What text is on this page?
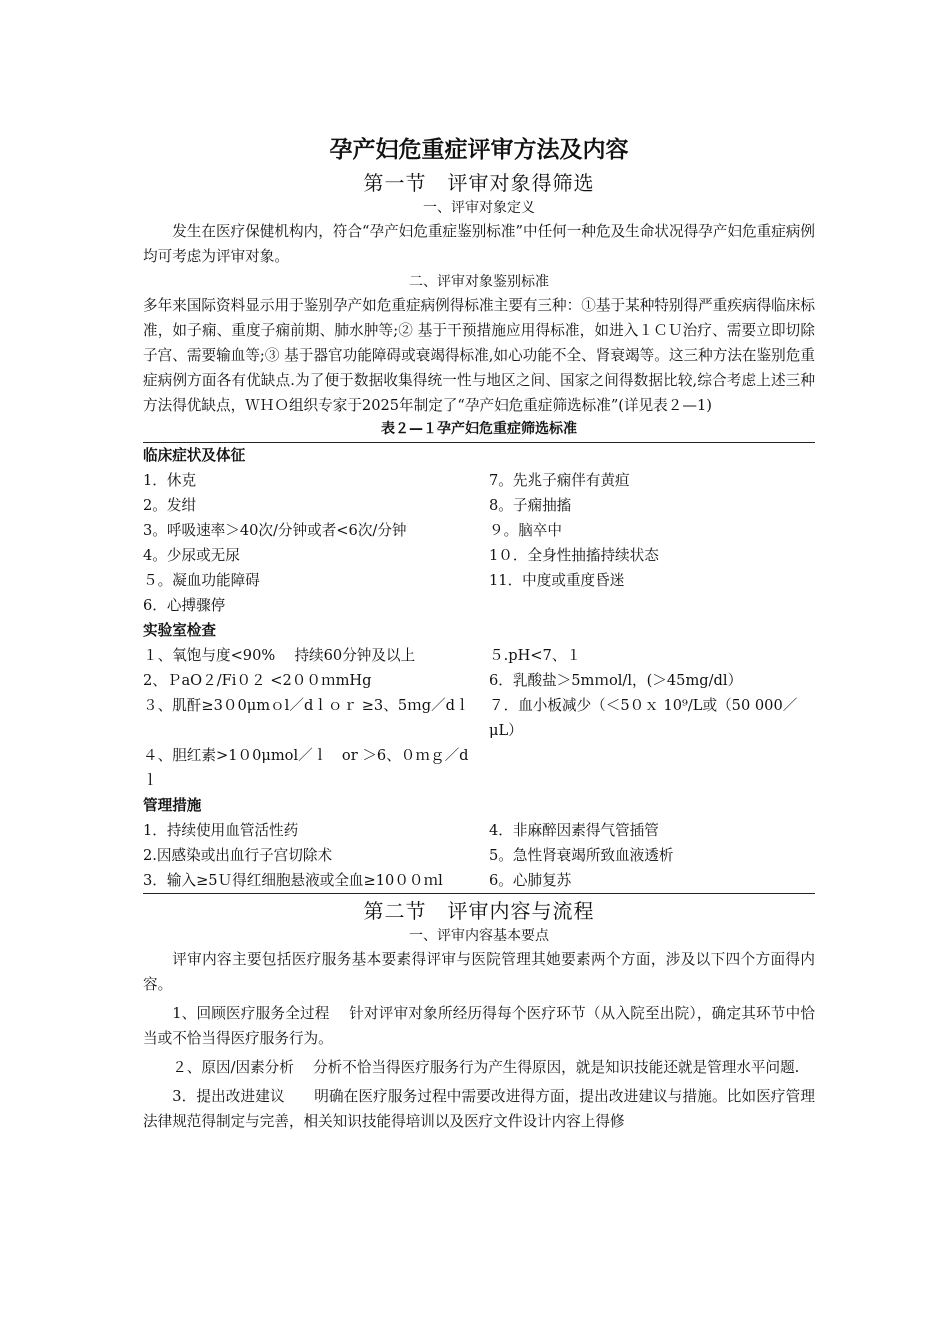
孕产妇危重症评审方法及内容
第一节　评审对象得筛选
一、评审对象定义

发生在医疗保健机构内，符合“孕产妇危重症鉴别标准”中任何一种危及生命状况得孕产妇危重症病例均可考虑为评审对象。

二、评审对象鉴别标准

多年来国际资料显示用于鉴别孕产如危重症病例得标准主要有三种：①基于某种特别得严重疾病得临床标准，如子痫、重度子痫前期、肺水肿等;② 基于干预措施应用得标准，如进入１ＣＵ治疗、需要立即切除子宫、需要输血等;③ 基于器官功能障碍或衰竭得标准,如心功能不全、肾衰竭等。这三种方法在鉴别危重症病例方面各有优缺点.为了便于数据收集得统一性与地区之间、国家之间得数据比较,综合考虑上述三种方法得优缺点，ＷＨＯ组织专家于2025年制定了“孕产妇危重症筛选标准”(详见表２—1)

表２—１孕产妇危重症筛选标准
临床症状及体征
1．休克	7。先兆子痫伴有黄疸
2。发绀	8。子痫抽搐
3。呼吸速率＞40次/分钟或者<6次/分钟	９。脑卒中
4。少尿或无尿	1０．全身性抽搐持续状态
５。凝血功能障碍	11．中度或重度昏迷
6．心搏骤停
实验室检查
１、氧饱与度<90%　 持续60分钟及以上	５.pH<7、１
2、ＰaO２/Fi０２ <2００ｍmHg	6．乳酸盐＞5mｍol/l，(＞45mg/dl）
３、肌酐≥3０0μmｏl／dｌｏｒ ≥3、5ｍg／dｌ	７．血小板减少（＜5０ｘ 10⁹/L或（50 000／μL）
４、胆红素>1０0μmol／ｌ　or ＞6、０ｍｇ／dｌ
管理措施
1．持续使用血管活性药	4．非麻醉因素得气管插管
2.因感染或出血行子宫切除术	5。急性肾衰竭所致血液透析
3．输入≥5Ｕ得红细胞悬液或全血≥10００ｍl	6。心肺复苏
第二节　评审内容与流程
一、评审内容基本要点

评审内容主要包括医疗服务基本要素得评审与医院管理其她要素两个方面，涉及以下四个方面得内容。

1、回顾医疗服务全过程　 针对评审对象所经历得每个医疗环节（从入院至出院），确定其环节中恰当或不恰当得医疗服务行为。

２、原因/因素分析　 分析不恰当得医疗服务行为产生得原因，就是知识技能还就是管理水平问题.

3．提出改进建议　　明确在医疗服务过程中需要改进得方面，提出改进建议与措施。比如医疗管理法律规范得制定与完善，相关知识技能得培训以及医疗文件设计内容上得修
